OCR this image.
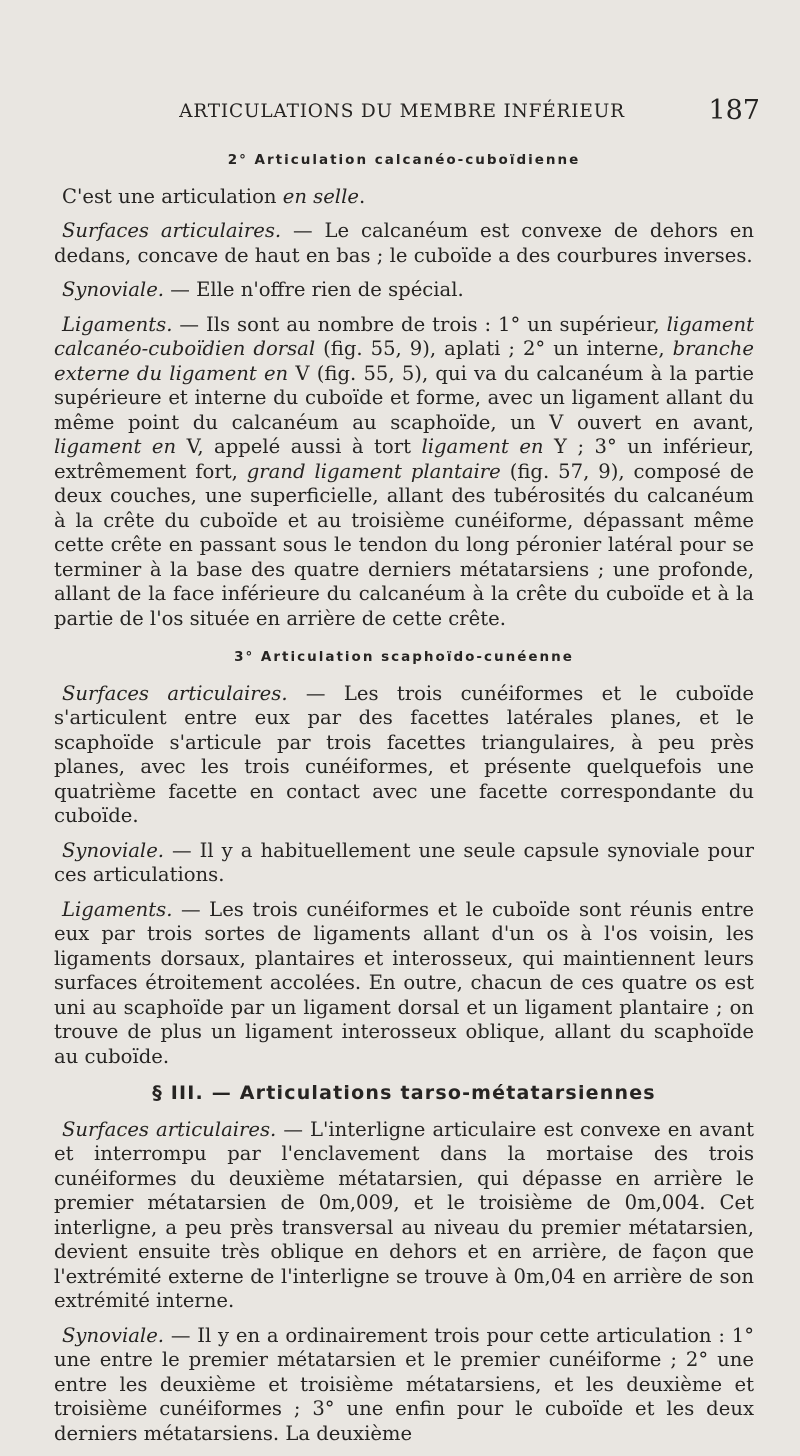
ARTICULATIONS DU MEMBRE INFÉRIEUR	187
2° Articulation calcanéo-cuboïdienne

C'est une articulation en selle.

Surfaces articulaires. — Le calcanéum est convexe de dehors en dedans, concave de haut en bas ; le cuboïde a des courbures inverses.

Synoviale. — Elle n'offre rien de spécial.

Ligaments. — Ils sont au nombre de trois : 1° un supérieur, ligament calcanéo-cuboïdien dorsal (fig. 55, 9), aplati ; 2° un interne, branche externe du ligament en V (fig. 55, 5), qui va du calcanéum à la partie supérieure et interne du cuboïde et forme, avec un ligament allant du même point du calcanéum au scaphoïde, un V ouvert en avant, ligament en V, appelé aussi à tort ligament en Y ; 3° un inférieur, extrêmement fort, grand ligament plantaire (fig. 57, 9), composé de deux couches, une superficielle, allant des tubérosités du calcanéum à la crête du cuboïde et au troisième cunéiforme, dépassant même cette crête en passant sous le tendon du long péronier latéral pour se terminer à la base des quatre derniers métatarsiens ; une profonde, allant de la face inférieure du calcanéum à la crête du cuboïde et à la partie de l'os située en arrière de cette crête.

3° Articulation scaphoïdo-cunéenne

Surfaces articulaires. — Les trois cunéiformes et le cuboïde s'articulent entre eux par des facettes latérales planes, et le scaphoïde s'articule par trois facettes triangulaires, à peu près planes, avec les trois cunéiformes, et présente quelquefois une quatrième facette en contact avec une facette correspondante du cuboïde.

Synoviale. — Il y a habituellement une seule capsule synoviale pour ces articulations.

Ligaments. — Les trois cunéiformes et le cuboïde sont réunis entre eux par trois sortes de ligaments allant d'un os à l'os voisin, les ligaments dorsaux, plantaires et interosseux, qui maintiennent leurs surfaces étroitement accolées. En outre, chacun de ces quatre os est uni au scaphoïde par un ligament dorsal et un ligament plantaire ; on trouve de plus un ligament interosseux oblique, allant du scaphoïde au cuboïde.

§ III. — Articulations tarso-métatarsiennes

Surfaces articulaires. — L'interligne articulaire est convexe en avant et interrompu par l'enclavement dans la mortaise des trois cunéiformes du deuxième métatarsien, qui dépasse en arrière le premier métatarsien de 0m,009, et le troisième de 0m,004. Cet interligne, a peu près transversal au niveau du premier métatarsien, devient ensuite très oblique en dehors et en arrière, de façon que l'extrémité externe de l'interligne se trouve à 0m,04 en arrière de son extrémité interne.

Synoviale. — Il y en a ordinairement trois pour cette articulation : 1° une entre le premier métatarsien et le premier cunéiforme ; 2° une entre les deuxième et troisième métatarsiens, et les deuxième et troisième cunéiformes ; 3° une enfin pour le cuboïde et les deux derniers métatarsiens. La deuxième
